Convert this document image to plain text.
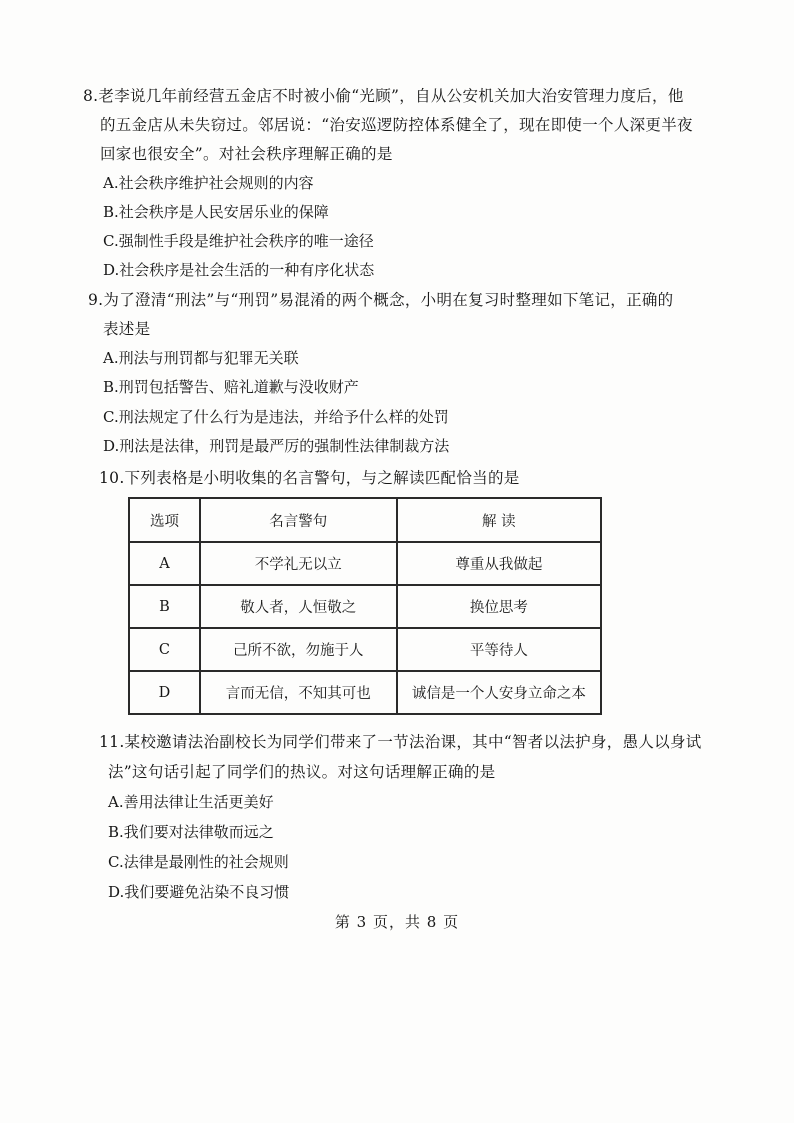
8.老李说几年前经营五金店不时被小偷“光顾”，自从公安机关加大治安管理力度后，他
的五金店从未失窃过。邻居说：“治安巡逻防控体系健全了，现在即使一个人深更半夜
回家也很安全”。对社会秩序理解正确的是
A.社会秩序维护社会规则的内容
B.社会秩序是人民安居乐业的保障
C.强制性手段是维护社会秩序的唯一途径
D.社会秩序是社会生活的一种有序化状态
9.为了澄清“刑法”与“刑罚”易混淆的两个概念，小明在复习时整理如下笔记，正确的
表述是
A.刑法与刑罚都与犯罪无关联
B.刑罚包括警告、赔礼道歉与没收财产
C.刑法规定了什么行为是违法，并给予什么样的处罚
D.刑法是法律，刑罚是最严厉的强制性法律制裁方法
10.下列表格是小明收集的名言警句，与之解读匹配恰当的是
选项	名言警句	解 读
A	不学礼无以立	尊重从我做起
B	敬人者，人恒敬之	换位思考
C	己所不欲，勿施于人	平等待人
D	言而无信，不知其可也	诚信是一个人安身立命之本
11.某校邀请法治副校长为同学们带来了一节法治课，其中“智者以法护身，愚人以身试
法”这句话引起了同学们的热议。对这句话理解正确的是
A.善用法律让生活更美好
B.我们要对法律敬而远之
C.法律是最刚性的社会规则
D.我们要避免沾染不良习惯
第 3 页，共 8 页
